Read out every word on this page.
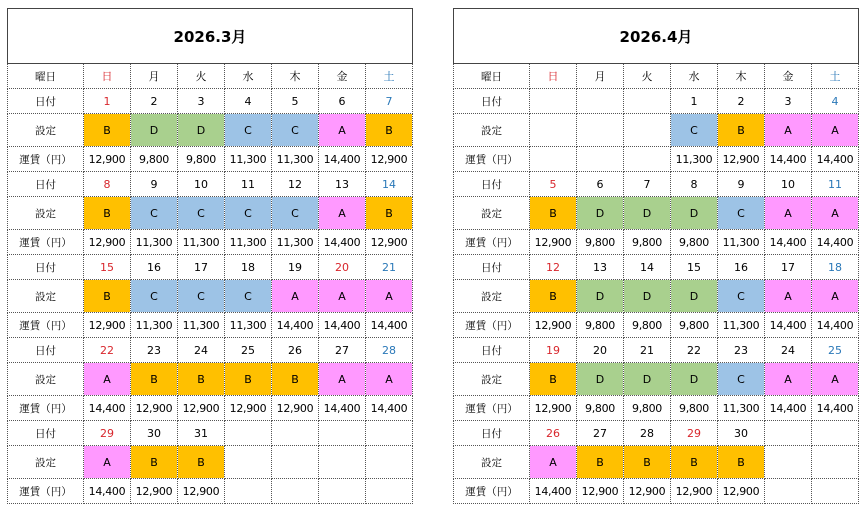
2026.3月							
曜日	日	月	火	水	木	金	土
日付	1	2	3	4	5	6	7
設定	B	D	D	C	C	A	B
運賃（円）	12,900	9,800	9,800	11,300	11,300	14,400	12,900
日付	8	9	10	11	12	13	14
設定	B	C	C	C	C	A	B
運賃（円）	12,900	11,300	11,300	11,300	11,300	14,400	12,900
日付	15	16	17	18	19	20	21
設定	B	C	C	C	A	A	A
運賃（円）	12,900	11,300	11,300	11,300	14,400	14,400	14,400
日付	22	23	24	25	26	27	28
設定	A	B	B	B	B	A	A
運賃（円）	14,400	12,900	12,900	12,900	12,900	14,400	14,400
日付	29	30	31				
設定	A	B	B				
運賃（円）	14,400	12,900	12,900				
2026.4月							
曜日	日	月	火	水	木	金	土
日付				1	2	3	4
設定				C	B	A	A
運賃（円）				11,300	12,900	14,400	14,400
日付	5	6	7	8	9	10	11
設定	B	D	D	D	C	A	A
運賃（円）	12,900	9,800	9,800	9,800	11,300	14,400	14,400
日付	12	13	14	15	16	17	18
設定	B	D	D	D	C	A	A
運賃（円）	12,900	9,800	9,800	9,800	11,300	14,400	14,400
日付	19	20	21	22	23	24	25
設定	B	D	D	D	C	A	A
運賃（円）	12,900	9,800	9,800	9,800	11,300	14,400	14,400
日付	26	27	28	29	30		
設定	A	B	B	B	B		
運賃（円）	14,400	12,900	12,900	12,900	12,900		
